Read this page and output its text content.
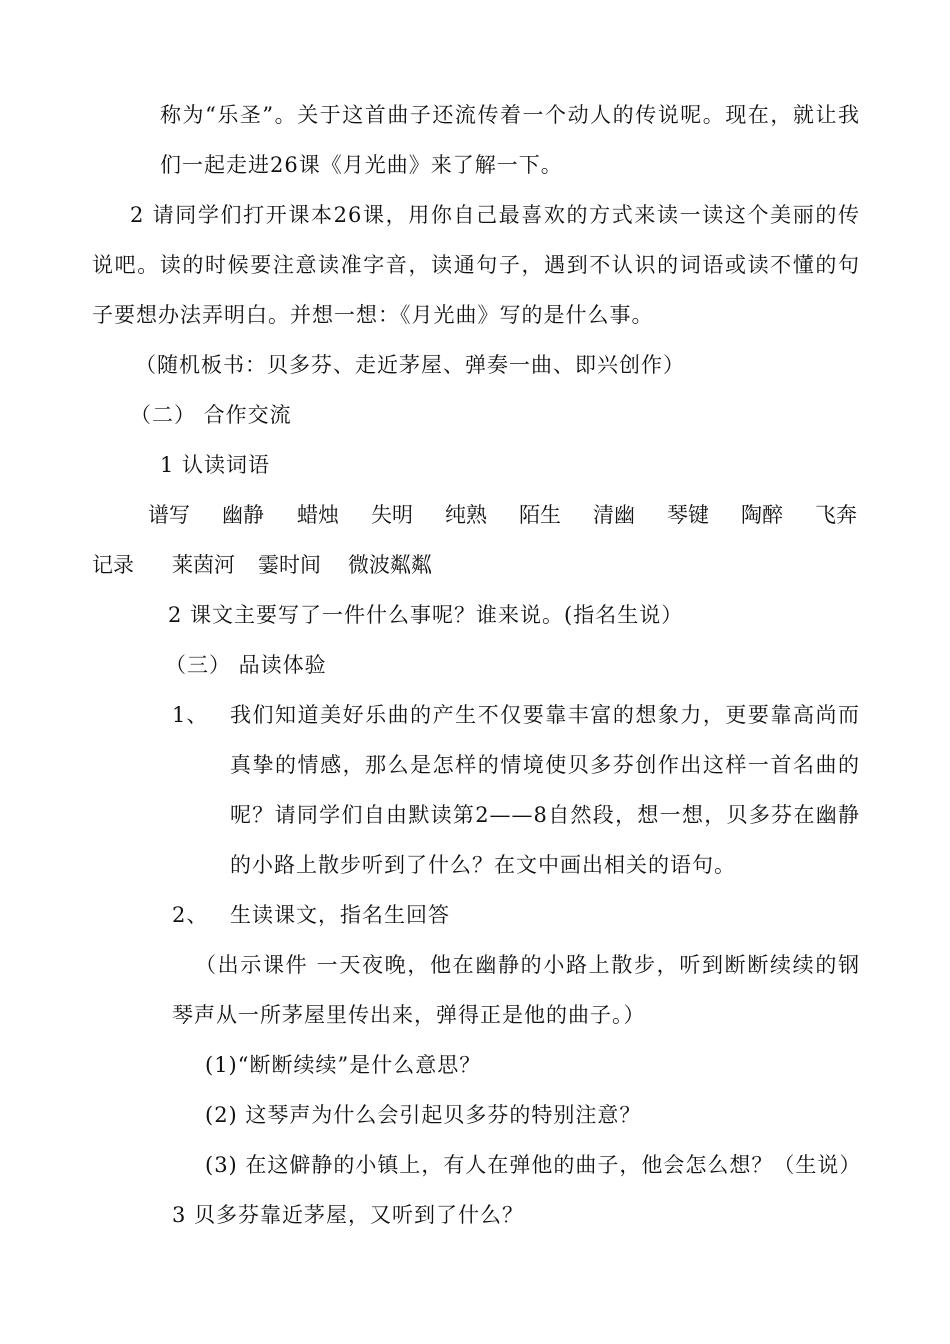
称为“乐圣”。关于这首曲子还流传着一个动人的传说呢。现在，就让我
们一起走进26课《月光曲》来了解一下。
2 请同学们打开课本26课，用你自己最喜欢的方式来读一读这个美丽的传
说吧。读的时候要注意读准字音，读通句子，遇到不认识的词语或读不懂的句
子要想办法弄明白。并想一想：《月光曲》写的是什么事。
（随机板书：贝多芬、走近茅屋、弹奏一曲、即兴创作）
（二） 合作交流
1 认读词语
谱写 幽静 蜡烛 失明 纯熟 陌生 清幽 琴键 陶醉 飞奔
记录 莱茵河 霎时间 微波粼粼
2 课文主要写了一件什么事呢？谁来说。(指名生说）
（三） 品读体验
1、 我们知道美好乐曲的产生不仅要靠丰富的想象力，更要靠高尚而
真挚的情感，那么是怎样的情境使贝多芬创作出这样一首名曲的
呢？请同学们自由默读第2——8自然段，想一想，贝多芬在幽静
的小路上散步听到了什么？在文中画出相关的语句。
2、 生读课文，指名生回答
（出示课件 一天夜晚，他在幽静的小路上散步，听到断断续续的钢
琴声从一所茅屋里传出来，弹得正是他的曲子。）
(1)“断断续续”是什么意思？
(2) 这琴声为什么会引起贝多芬的特别注意？
(3) 在这僻静的小镇上，有人在弹他的曲子，他会怎么想？（生说）
3 贝多芬靠近茅屋，又听到了什么？
